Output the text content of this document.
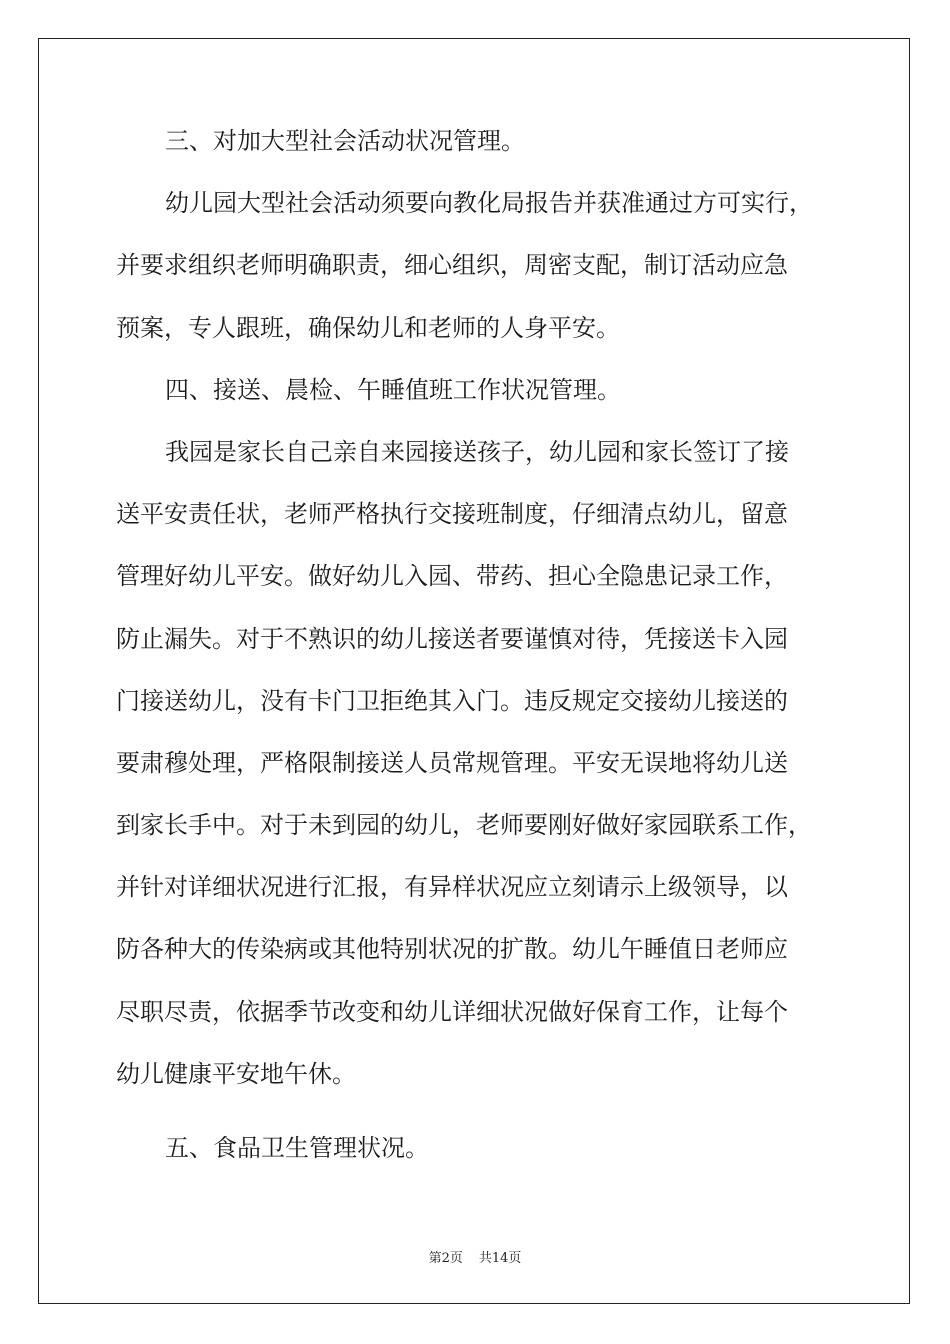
三、对加大型社会活动状况管理。
幼儿园大型社会活动须要向教化局报告并获准通过方可实行，
并要求组织老师明确职责，细心组织，周密支配，制订活动应急
预案，专人跟班，确保幼儿和老师的人身平安。
四、接送、晨检、午睡值班工作状况管理。
我园是家长自己亲自来园接送孩子，幼儿园和家长签订了接
送平安责任状，老师严格执行交接班制度，仔细清点幼儿，留意
管理好幼儿平安。做好幼儿入园、带药、担心全隐患记录工作，
防止漏失。对于不熟识的幼儿接送者要谨慎对待，凭接送卡入园
门接送幼儿，没有卡门卫拒绝其入门。违反规定交接幼儿接送的
要肃穆处理，严格限制接送人员常规管理。平安无误地将幼儿送
到家长手中。对于未到园的幼儿，老师要刚好做好家园联系工作，
并针对详细状况进行汇报，有异样状况应立刻请示上级领导，以
防各种大的传染病或其他特别状况的扩散。幼儿午睡值日老师应
尽职尽责，依据季节改变和幼儿详细状况做好保育工作，让每个
幼儿健康平安地午休。
五、食品卫生管理状况。
第2页 共14页
